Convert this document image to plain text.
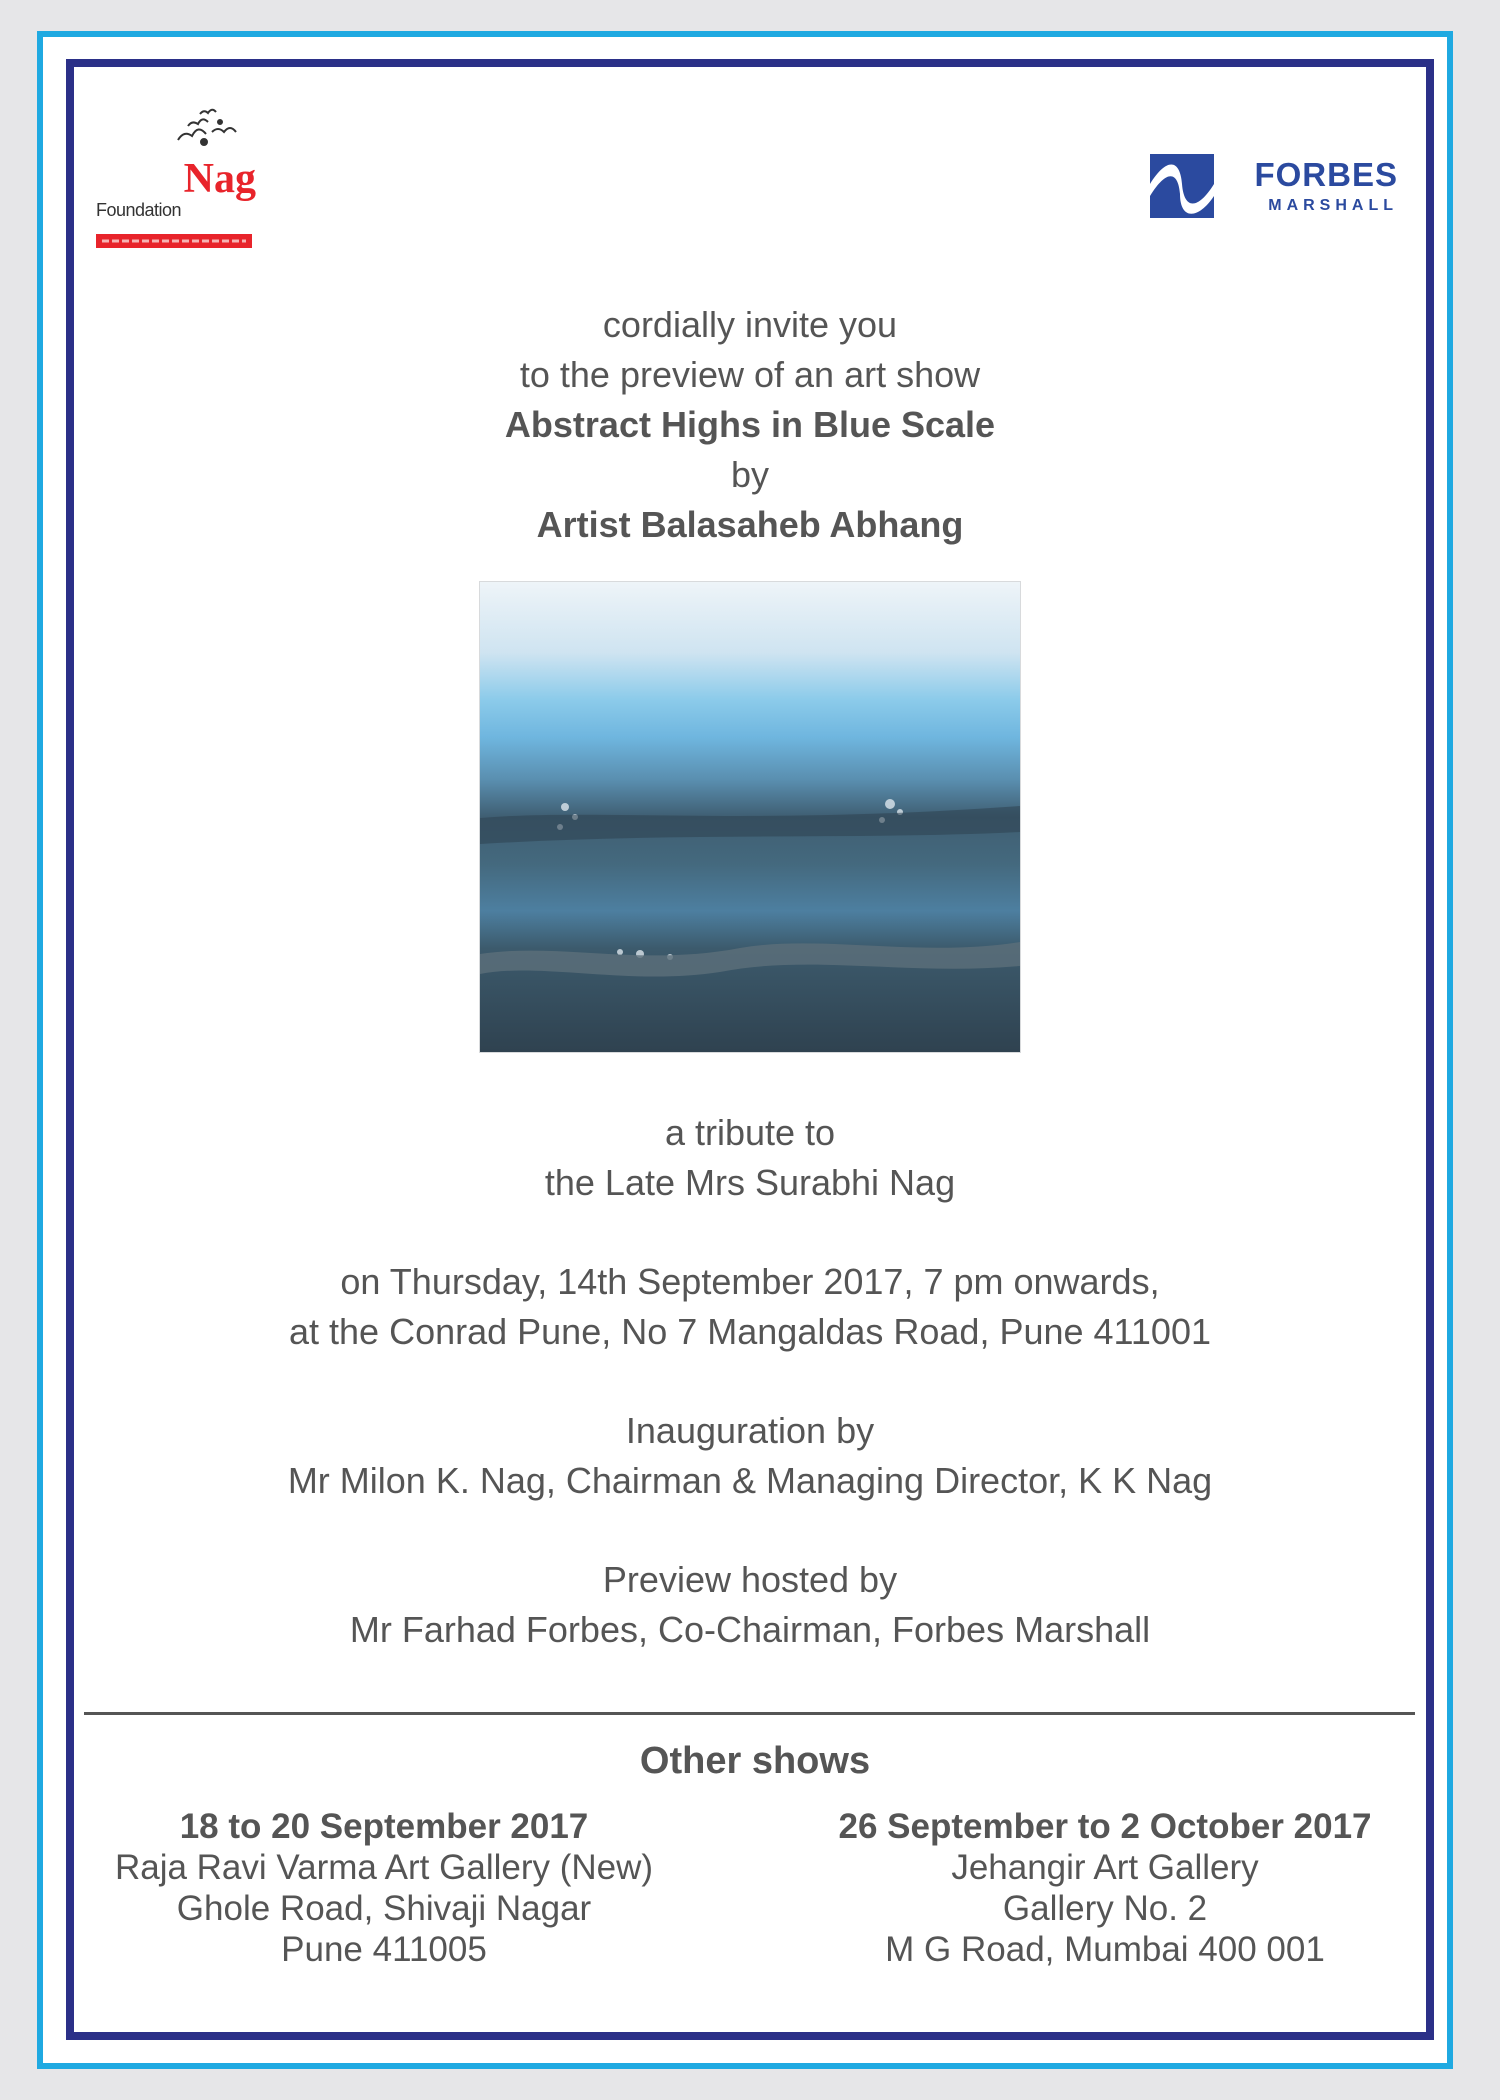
Nag
Foundation
FORBES
MARSHALL
cordially invite you
to the preview of an art show
Abstract Highs in Blue Scale
by
Artist Balasaheb Abhang
a tribute to
the Late Mrs Surabhi Nag
on Thursday, 14th September 2017, 7 pm onwards,
at the Conrad Pune, No 7 Mangaldas Road, Pune 411001
Inauguration by
Mr Milon K. Nag, Chairman & Managing Director, K K Nag
Preview hosted by
Mr Farhad Forbes, Co-Chairman, Forbes Marshall
Other shows
18 to 20 September 2017
Raja Ravi Varma Art Gallery (New)
Ghole Road, Shivaji Nagar
Pune 411005
26 September to 2 October 2017
Jehangir Art Gallery
Gallery No. 2
M G Road, Mumbai 400 001
